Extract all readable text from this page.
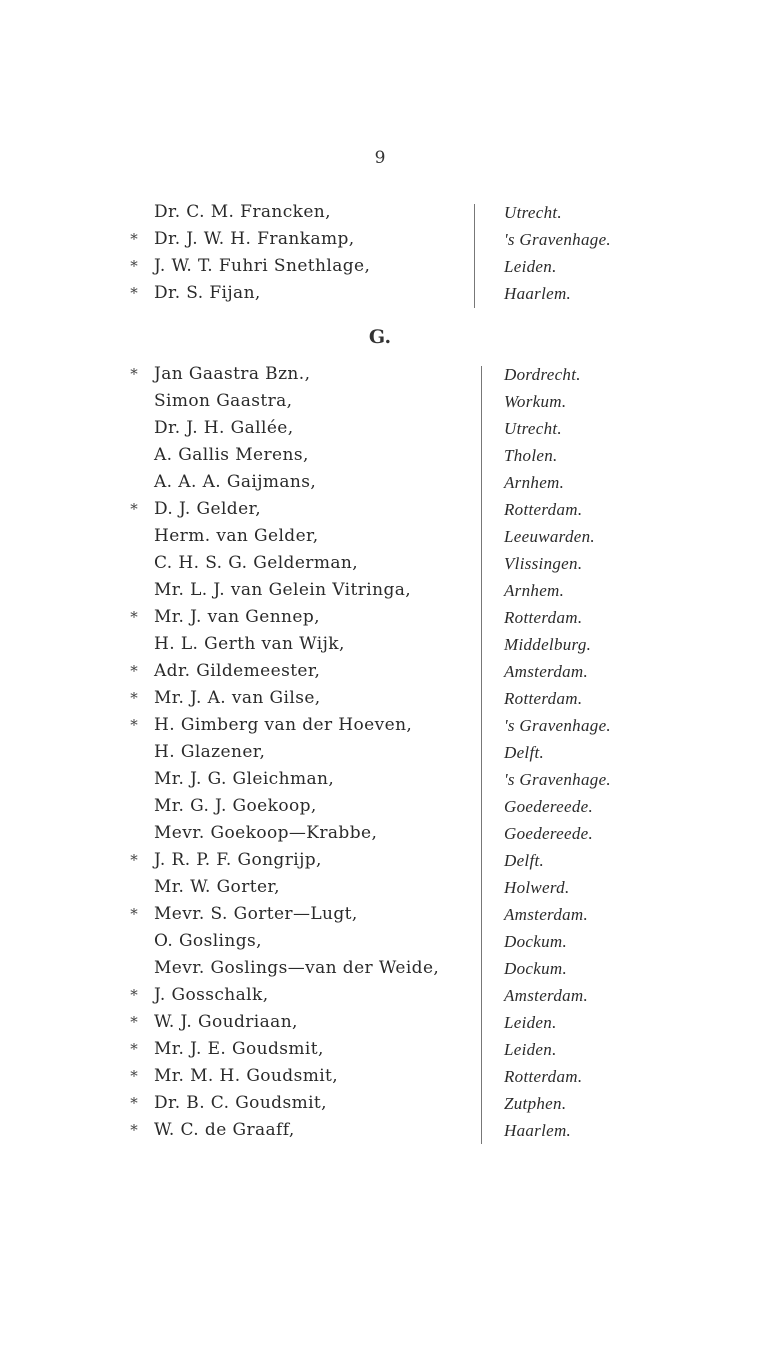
9
Dr. C. M. Francken,	Utrecht.
* Dr. J. W. H. Frankamp,	's Gravenhage.
* J. W. T. Fuhri Snethlage,	Leiden.
* Dr. S. Fijan,	Haarlem.
G.
* Jan Gaastra Bzn.,	Dordrecht.
Simon Gaastra,	Workum.
Dr. J. H. Gallée,	Utrecht.
A. Gallis Merens,	Tholen.
A. A. A. Gaijmans,	Arnhem.
* D. J. Gelder,	Rotterdam.
Herm. van Gelder,	Leeuwarden.
C. H. S. G. Gelderman,	Vlissingen.
Mr. L. J. van Gelein Vitringa,	Arnhem.
* Mr. J. van Gennep,	Rotterdam.
H. L. Gerth van Wijk,	Middelburg.
* Adr. Gildemeester,	Amsterdam.
* Mr. J. A. van Gilse,	Rotterdam.
* H. Gimberg van der Hoeven,	's Gravenhage.
H. Glazener,	Delft.
Mr. J. G. Gleichman,	's Gravenhage.
Mr. G. J. Goekoop,	Goedereede.
Mevr. Goekoop—Krabbe,	Goedereede.
* J. R. P. F. Gongrijp,	Delft.
Mr. W. Gorter,	Holwerd.
* Mevr. S. Gorter—Lugt,	Amsterdam.
O. Goslings,	Dockum.
Mevr. Goslings—van der Weide,	Dockum.
* J. Gosschalk,	Amsterdam.
* W. J. Goudriaan,	Leiden.
* Mr. J. E. Goudsmit,	Leiden.
* Mr. M. H. Goudsmit,	Rotterdam.
* Dr. B. C. Goudsmit,	Zutphen.
* W. C. de Graaff,	Haarlem.
